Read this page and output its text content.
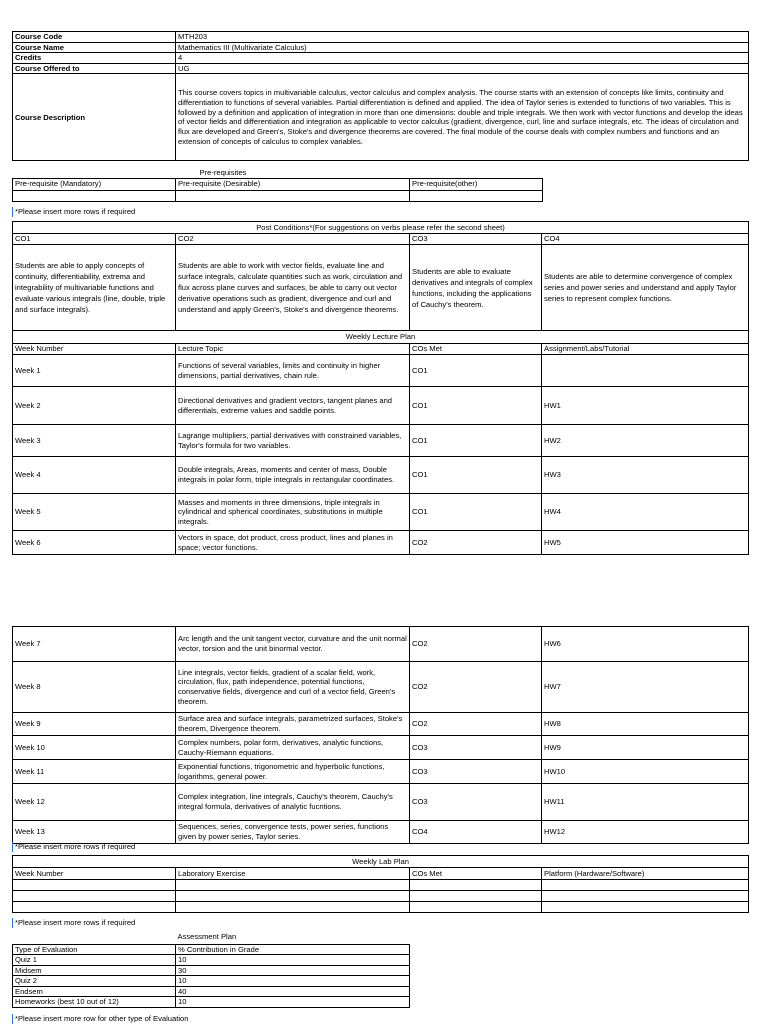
Course Code	MTH203
Course Name	Mathematics III (Multivariate Calculus)
Credits	4
Course Offered to	UG
Course Description	This course covers topics in multivariable calculus, vector calculus and complex analysis. The course starts with an extension of concepts like limits, continuity and differentiation to functions of several variables. Partial differentiation is defined and applied. The idea of Taylor series is extended to functions of two variables. This is followed by a definition and application of integration in more than one dimensions: double and triple integrals. We then work with vector functions and develop the ideas of vector fields and differentiation and integration as applicable to vector calculus (gradient, divergence, curl, line and surface integrals, etc. The ideas of circulation and flux are developed and Green's, Stoke's and divergence theorems are covered. The final module of the course deals with complex numbers and functions and an extension of concepts of calculus to complex variables.
	Pre-requisites	
Pre-requisite (Mandatory)	Pre-requisite (Desirable)	Pre-requisite(other)

*Please insert more rows if required
Post Conditions*(For suggestions on verbs please refer the second sheet)			
CO1	CO2	CO3	CO4
Students are able to apply concepts of continuity, differentiability, extrema and integrability of multivariable functions and evaluate various integrals (line, double, triple and surface integrals).	Students are able to work with vector fields, evaluate line and surface integrals, calculate quantities such as work, circulation and flux across plane curves and surfaces, be able to carry out vector derivative operations such as gradient, divergence and curl and understand and apply Green's, Stoke's and divergence theorems.	Students are able to evaluate derivatives and integrals of complex functions, including the applications of Cauchy's theorem.	Students are able to determine convergence of complex series and power series and understand and apply Taylor series to represent complex functions.
Weekly Lecture Plan			
Week Number	Lecture Topic	COs Met	Assignment/Labs/Tutorial
Week 1	Functions of several variables, limits and continuity in higher dimensions, partial derivatives, chain rule.	CO1	
Week 2	Directional derivatives and gradient vectors, tangent planes and differentials, extreme values and saddle points.	CO1	HW1
Week 3	Lagrange multipliers, partial derivatives with constrained variables, Taylor's formula for two variables.	CO1	HW2
Week 4	Double integrals, Areas, moments and center of mass, Double integrals in polar form, triple integrals in rectangular coordinates.	CO1	HW3
Week 5	Masses and moments in three dimensions, triple integrals in cylindrical and spherical coordinates, substitutions in multiple integrals.	CO1	HW4
Week 6	Vectors in space, dot product, cross product, lines and planes in space; vector functions.	CO2	HW5
Week 7	Arc length and the unit tangent vector, curvature and the unit normal vector, torsion and the unit binormal vector.	CO2	HW6
Week 8	Line integrals, vector fields, gradient of a scalar field, work, circulation, flux, path independence, potential functions, conservative fields, divergence and curl of a vector field, Green's theorem.	CO2	HW7
Week 9	Surface area and surface integrals, parametrized surfaces, Stoke's theorem, Divergence theorem.	CO2	HW8
Week 10	Complex numbers, polar form, derivatives, analytic functions, Cauchy-Riemann equations.	CO3	HW9
Week 11	Exponential functions, trigonometric and hyperbolic functions, logarithms, general power.	CO3	HW10
Week 12	Complex integration, line integrals, Cauchy's theorem, Cauchy's integral formula, derivatives of analytic fucntions.	CO3	HW11
Week 13	Sequences, series, convergence tests, power series, functions given by power series, Taylor series.	CO4	HW12
*Please insert more rows if required
Weekly Lab Plan			
Week Number	Laboratory Exercise	COs Met	Platform (Hardware/Software)

*Please insert more rows if required
	Assessment Plan
Type of Evaluation	% Contribution in Grade
Quiz 1	10
Midsem	30
Quiz 2	10
Endsem	40
Homeworks (best 10 out of 12)	10
*Please insert more row for other type of Evaluation
